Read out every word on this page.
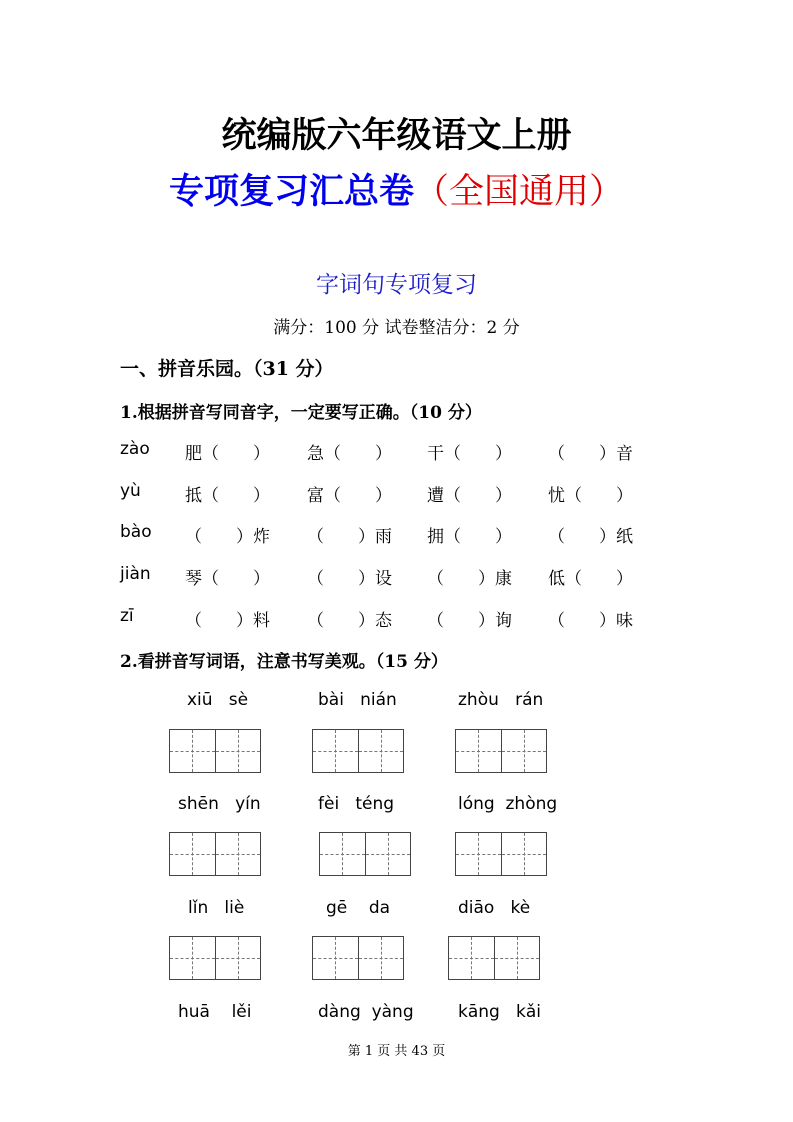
统编版六年级语文上册
专项复习汇总卷（全国通用）
字词句专项复习
满分：100 分 试卷整洁分：2 分
一、拼音乐园。（31 分）
1.根据拼音写同音字，一定要写正确。（10 分）
zào 肥（　　） 急（　　） 干（　　） （　　）音
yù	抵（　　） 富（　　） 遭（　　） 忧（　　）
bào （　　）炸 （　　）雨 拥（　　） （　　）纸
jiàn 琴（　　） （　　）设 （　　）康 低（　　）
zī	（　　）料 （　　）态 （　　）询 （　　）味
2.看拼音写词语，注意书写美观。（15 分）
xiū   sè	bài   nián	zhòu   rán
shēn   yín	fèi   téng	lóng  zhòng
lǐn   liè	gē    da	diāo   kè
huā    lěi	dàng  yàng	kāng   kǎi
第 1 页 共 43 页
